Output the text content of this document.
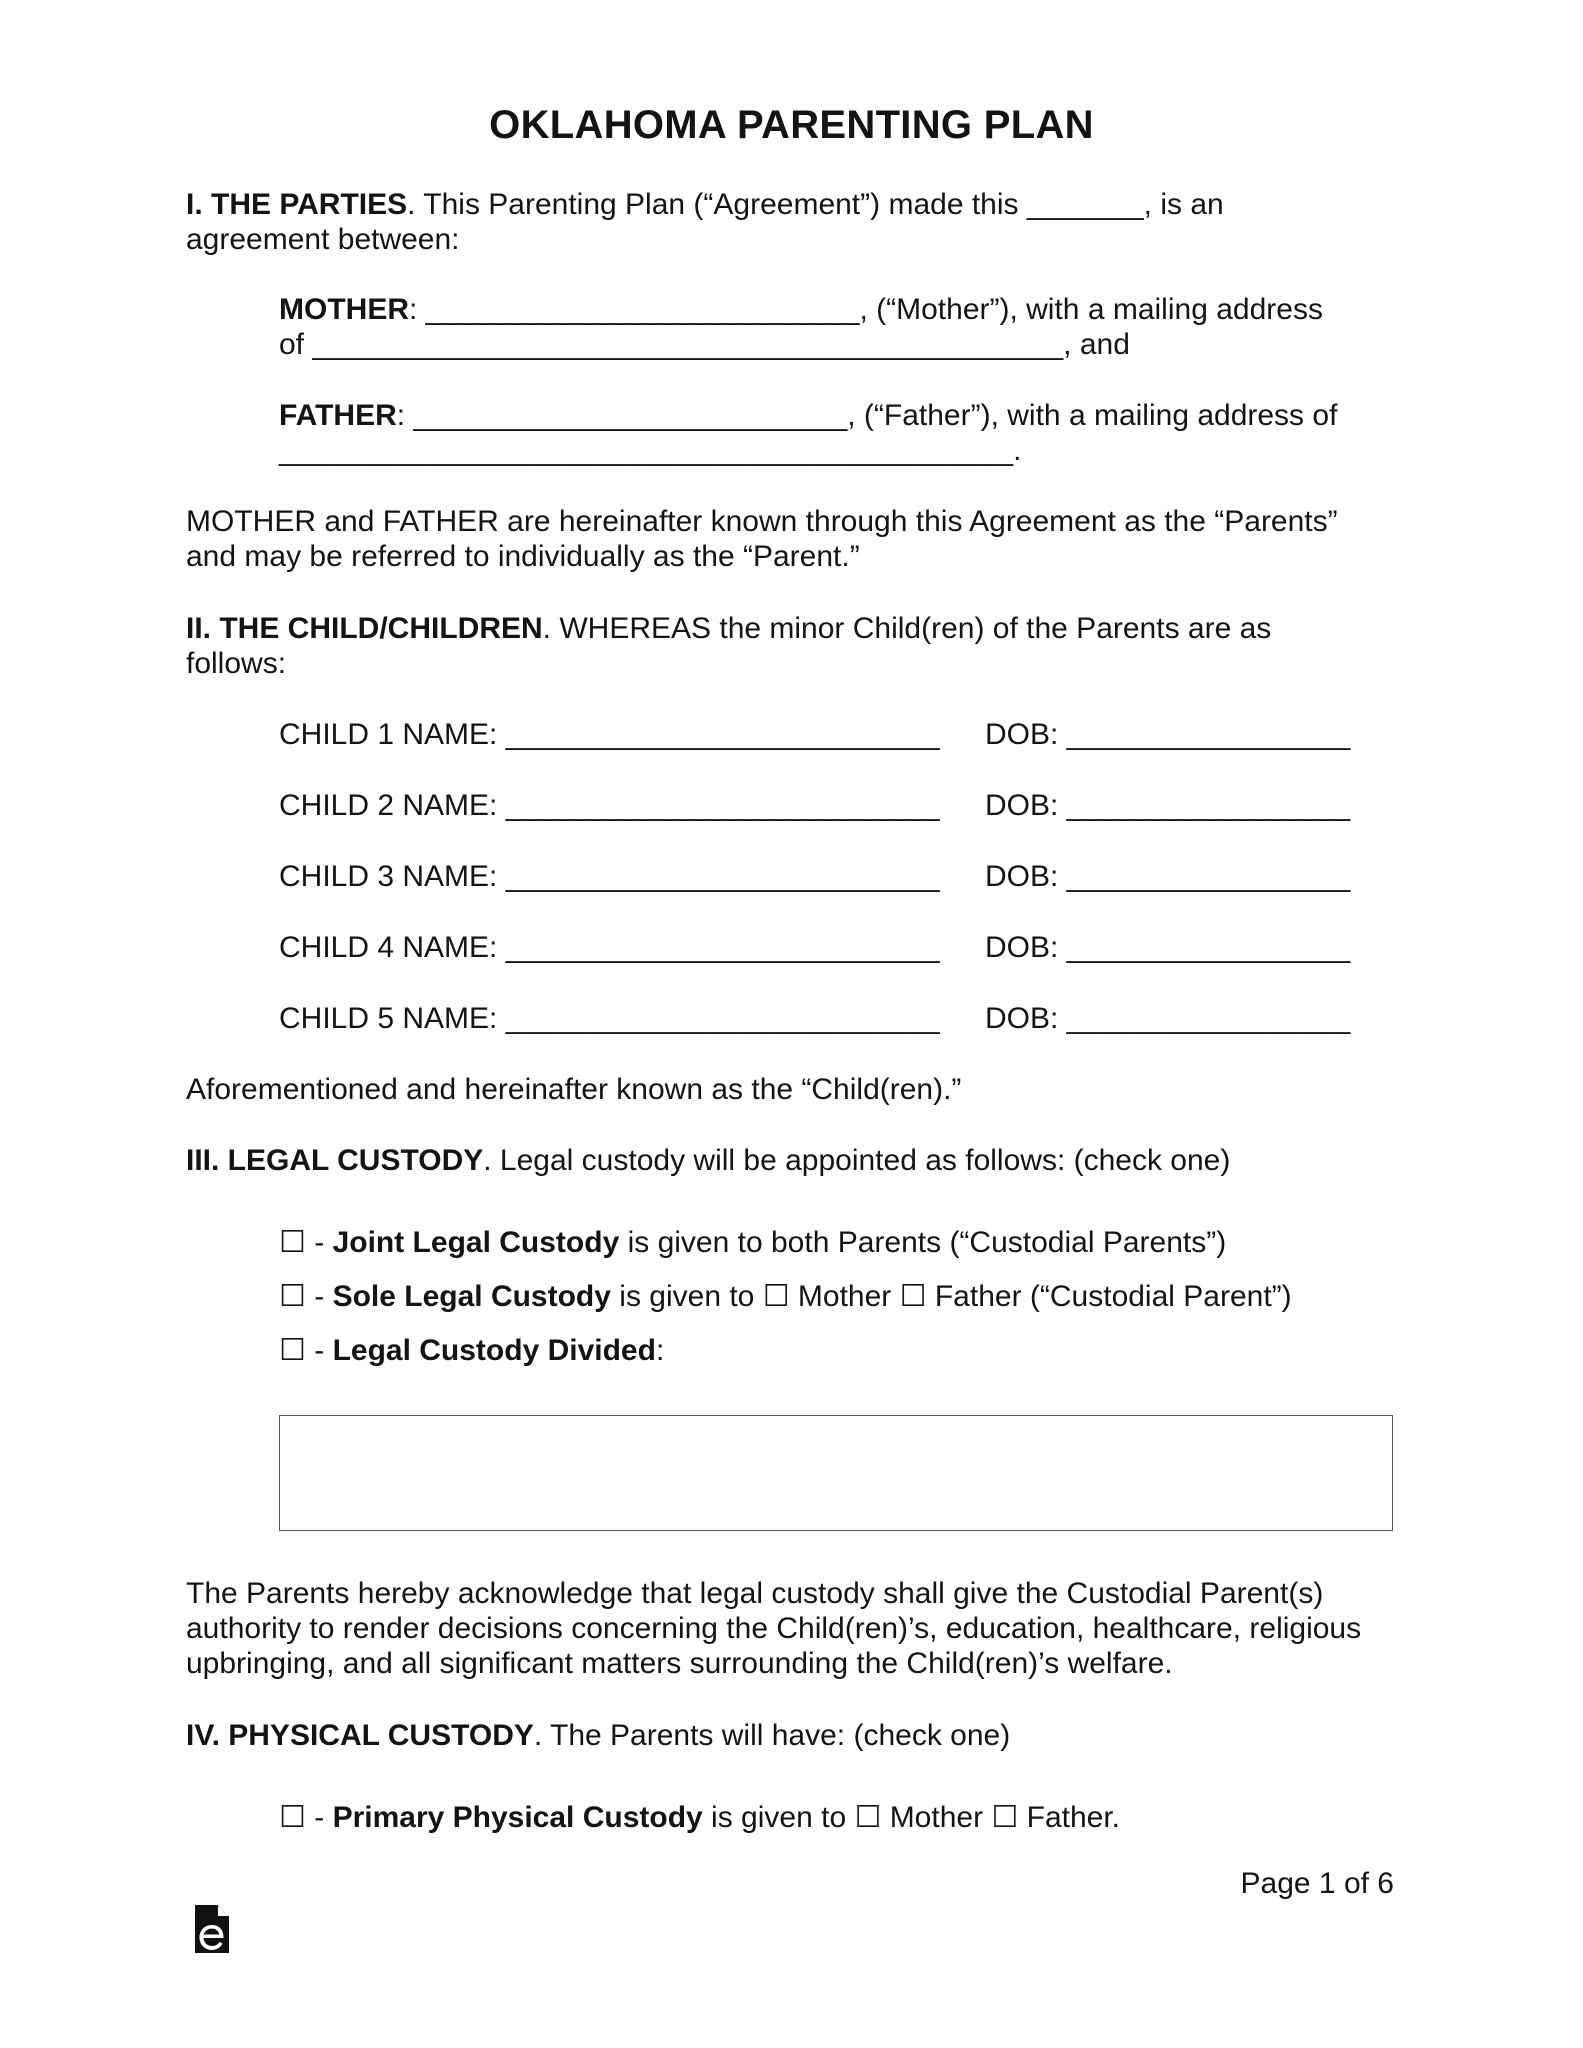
OKLAHOMA PARENTING PLAN
I. THE PARTIES. This Parenting Plan (“Agreement”) made this _______, is an agreement between:
MOTHER: __________________________, (“Mother”), with a mailing address
of _____________________________________________, and
FATHER: __________________________, (“Father”), with a mailing address of
____________________________________________.
MOTHER and FATHER are hereinafter known through this Agreement as the “Parents” and may be referred to individually as the “Parent.”
II. THE CHILD/CHILDREN. WHEREAS the minor Child(ren) of the Parents are as follows:
CHILD 1 NAME: __________________________ DOB: _________________
CHILD 2 NAME: __________________________ DOB: _________________
CHILD 3 NAME: __________________________ DOB: _________________
CHILD 4 NAME: __________________________ DOB: _________________
CHILD 5 NAME: __________________________ DOB: _________________
Aforementioned and hereinafter known as the “Child(ren).”
III. LEGAL CUSTODY. Legal custody will be appointed as follows: (check one)
☐ - Joint Legal Custody is given to both Parents (“Custodial Parents”)
☐ - Sole Legal Custody is given to ☐ Mother ☐ Father (“Custodial Parent”)
☐ - Legal Custody Divided:
The Parents hereby acknowledge that legal custody shall give the Custodial Parent(s) authority to render decisions concerning the Child(ren)’s, education, healthcare, religious upbringing, and all significant matters surrounding the Child(ren)’s welfare.
IV. PHYSICAL CUSTODY. The Parents will have: (check one)
☐ - Primary Physical Custody is given to ☐ Mother ☐ Father.
Page 1 of 6
